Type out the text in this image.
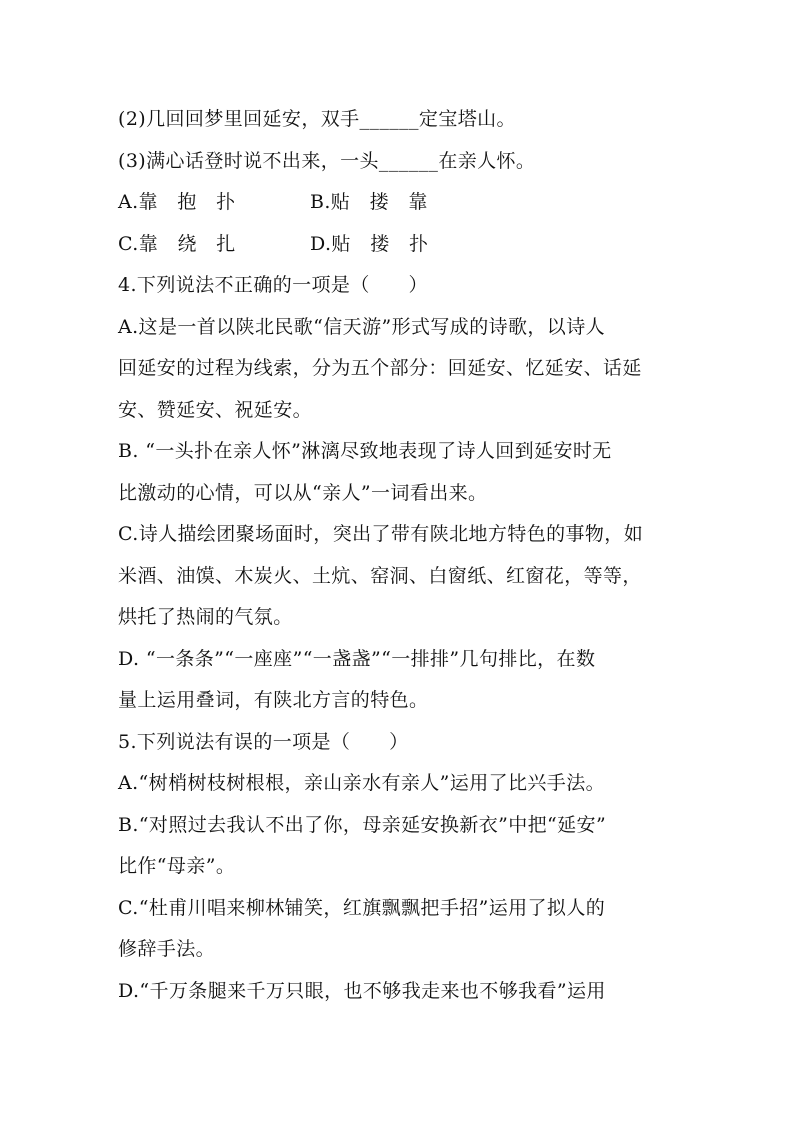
(2)几回回梦里回延安，双手______定宝塔山。
(3)满心话登时说不出来，一头______在亲人怀。
A.靠　抱　扑	B.贴　搂　靠
C.靠　绕　扎	D.贴　搂　扑
4.下列说法不正确的一项是（　　）
A.这是一首以陕北民歌“信天游”形式写成的诗歌，以诗人
回延安的过程为线索，分为五个部分：回延安、忆延安、话延
安、赞延安、祝延安。
B. “一头扑在亲人怀”淋漓尽致地表现了诗人回到延安时无
比激动的心情，可以从“亲人”一词看出来。
C.诗人描绘团聚场面时，突出了带有陕北地方特色的事物，如
米酒、油馍、木炭火、土炕、窑洞、白窗纸、红窗花，等等，
烘托了热闹的气氛。
D. “一条条”“一座座”“一盏盏”“一排排”几句排比，在数
量上运用叠词，有陕北方言的特色。
5.下列说法有误的一项是（　　）
A.“树梢树枝树根根，亲山亲水有亲人”运用了比兴手法。
B.“对照过去我认不出了你，母亲延安换新衣”中把“延安”
比作“母亲”。
C.“杜甫川唱来柳林铺笑，红旗飘飘把手招”运用了拟人的
修辞手法。
D.“千万条腿来千万只眼，也不够我走来也不够我看”运用
